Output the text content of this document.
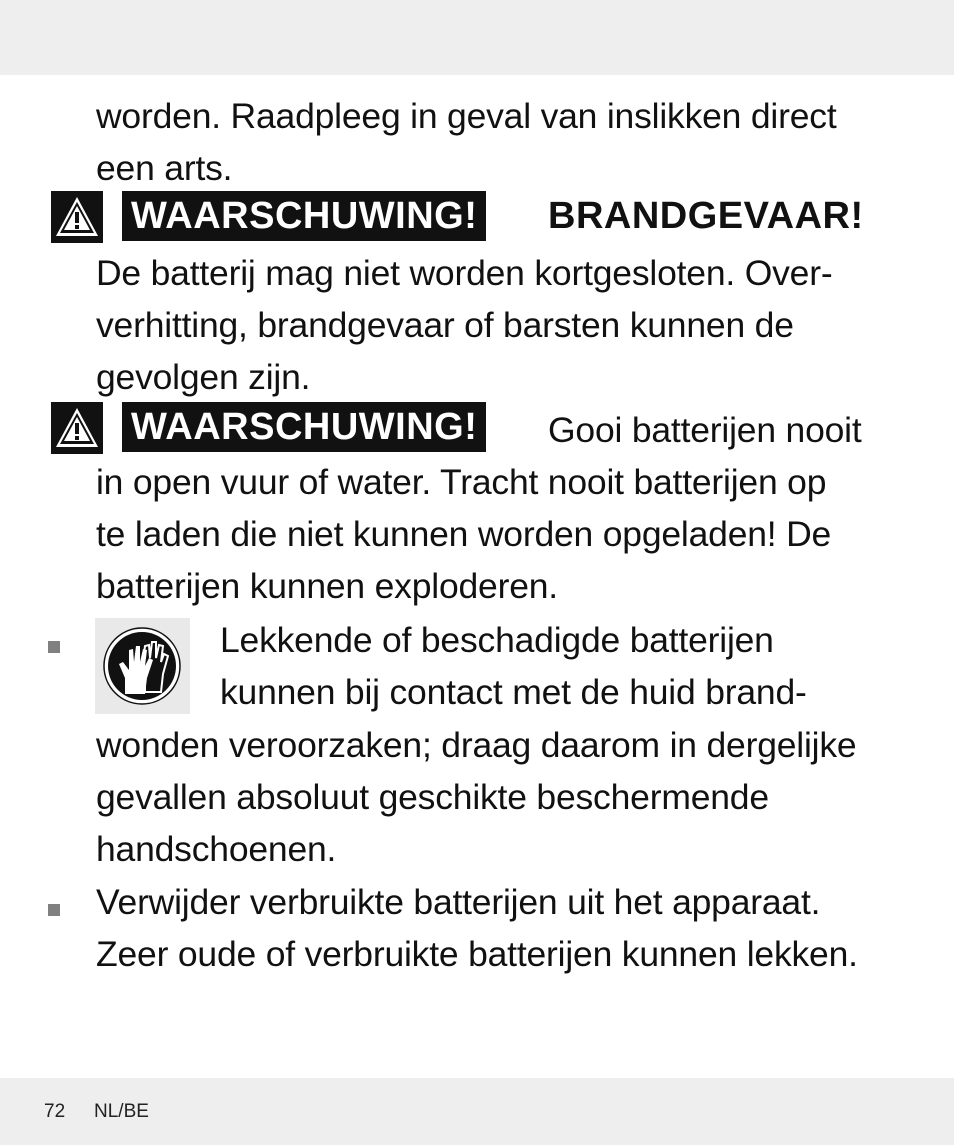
worden. Raadpleeg in geval van inslikken direct
een arts.
WAARSCHUWING! BRANDGEVAAR!
De batterij mag niet worden kortgesloten. Over-
verhitting, brandgevaar of barsten kunnen de
gevolgen zijn.
WAARSCHUWING! Gooi batterijen nooit
in open vuur of water. Tracht nooit batterijen op
te laden die niet kunnen worden opgeladen! De
batterijen kunnen exploderen.
Lekkende of beschadigde batterijen
kunnen bij contact met de huid brand-
wonden veroorzaken; draag daarom in dergelijke
gevallen absoluut geschikte beschermende
handschoenen.
Verwijder verbruikte batterijen uit het apparaat.
Zeer oude of verbruikte batterijen kunnen lekken.
72 NL/BE
